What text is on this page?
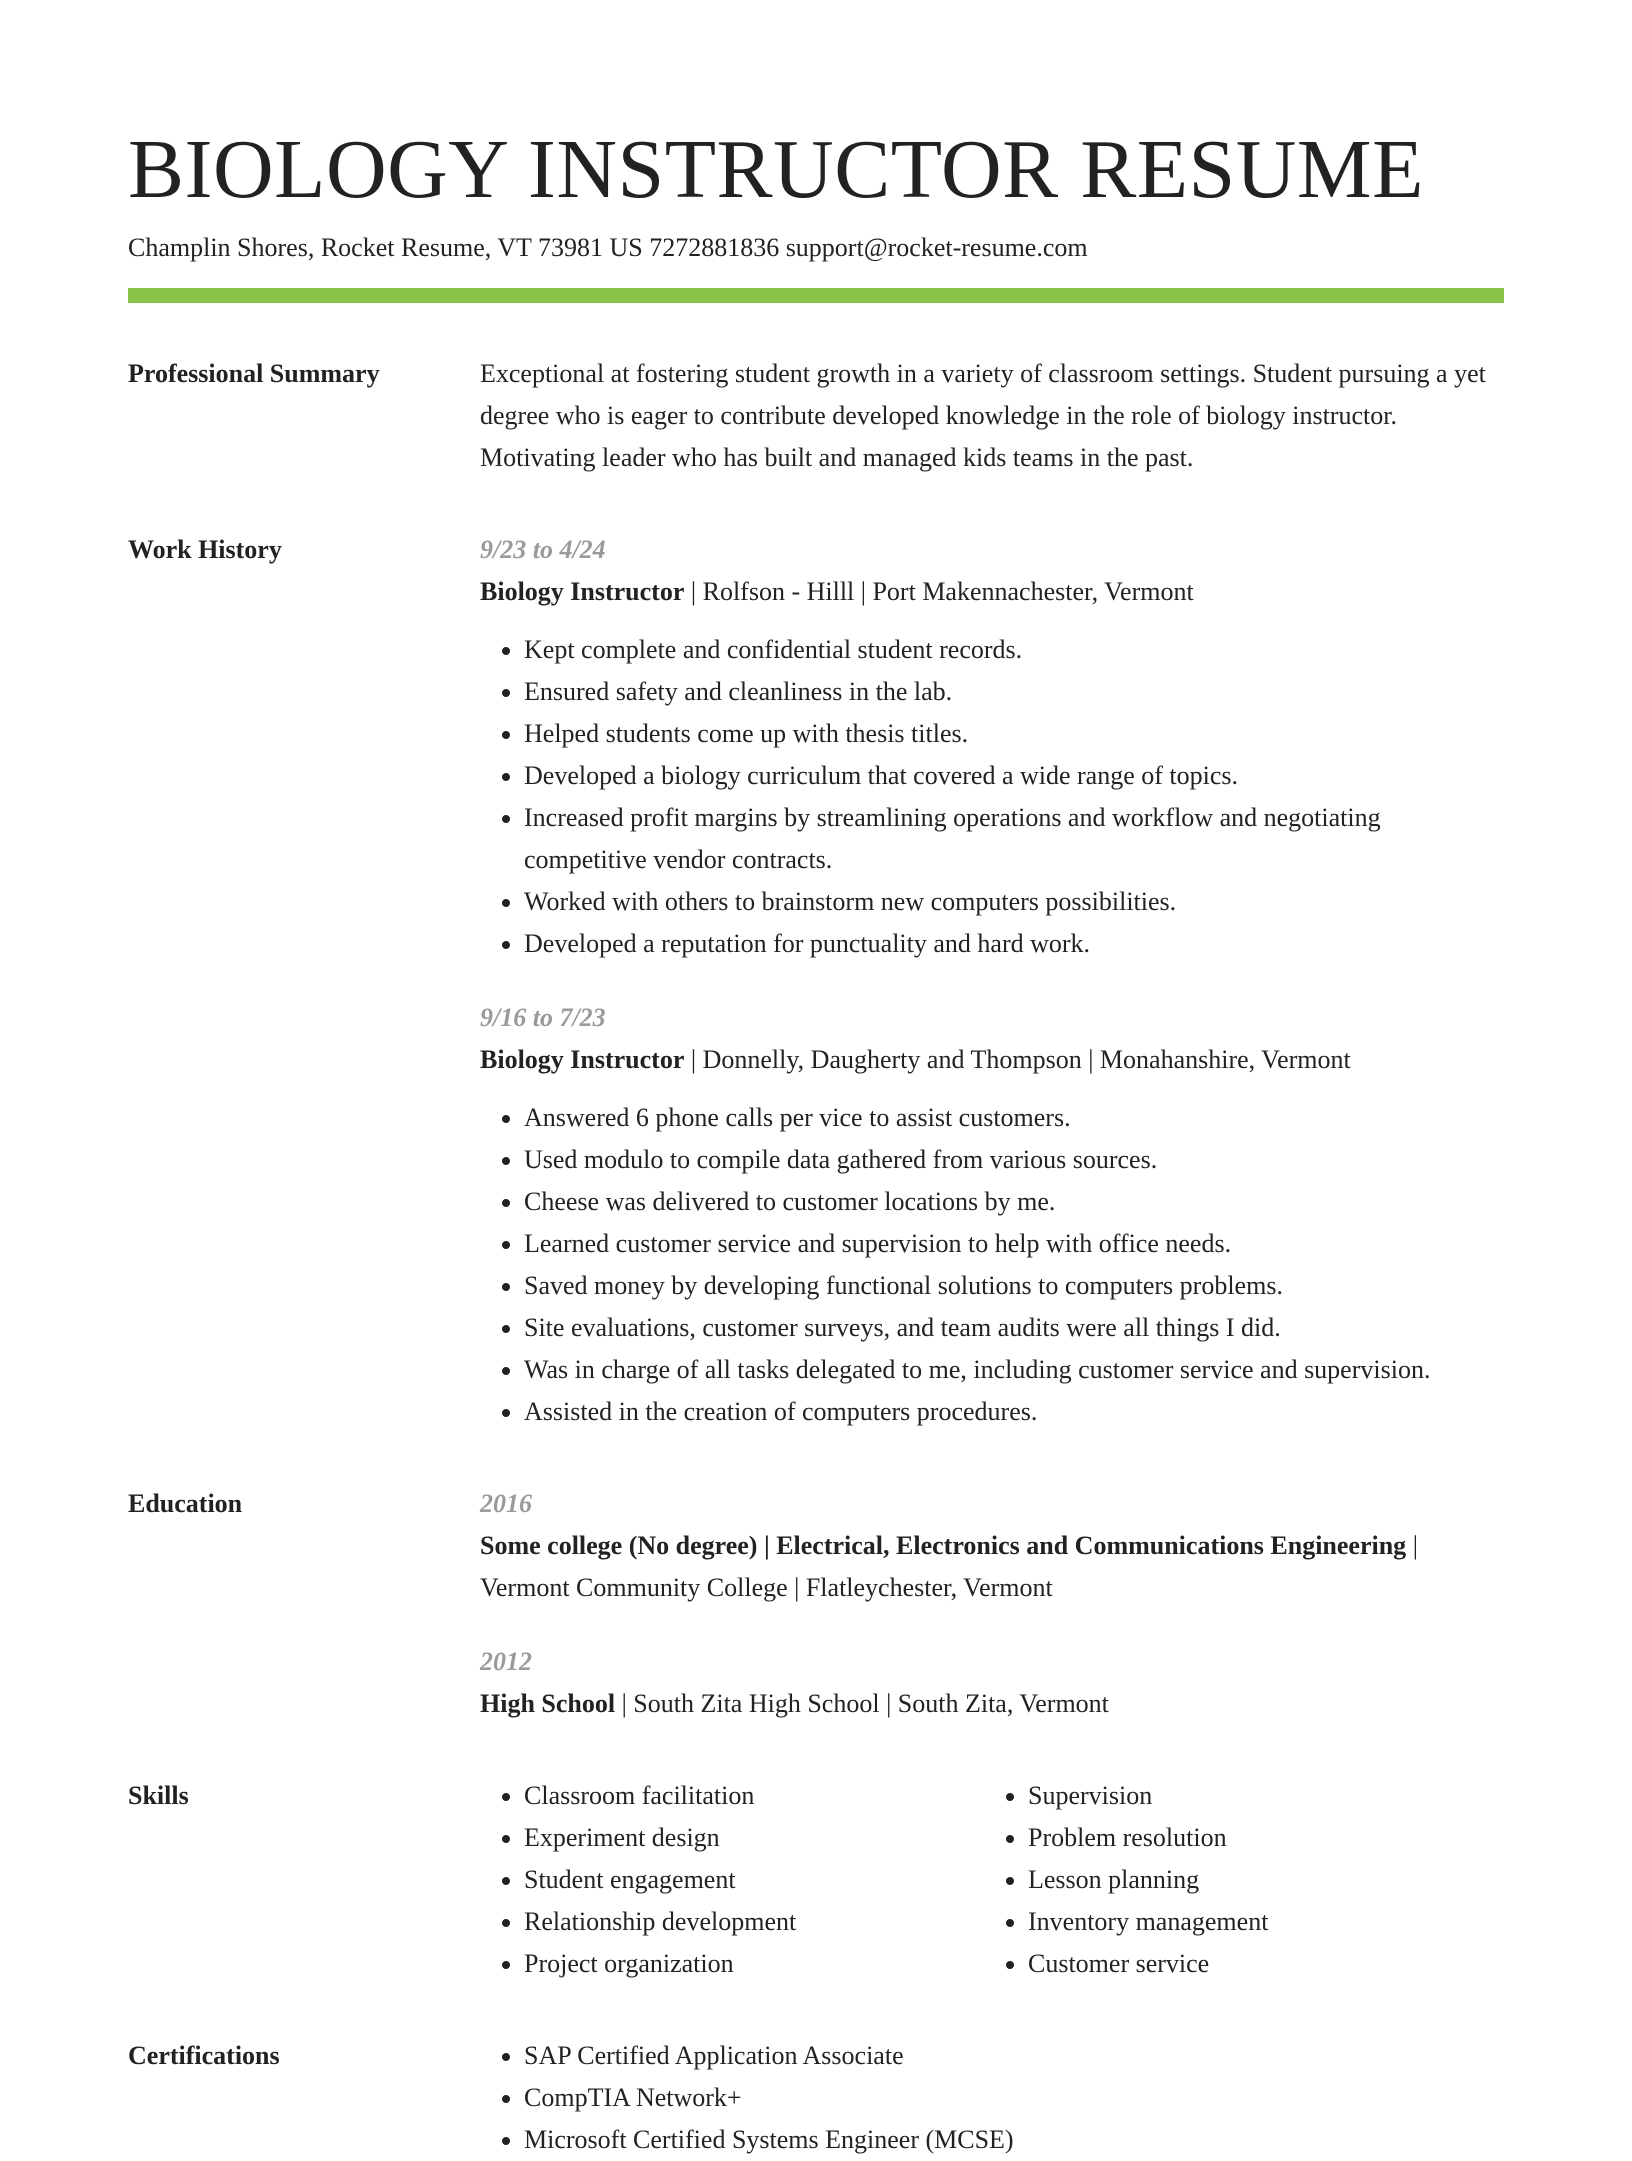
BIOLOGY INSTRUCTOR RESUME
Champlin Shores, Rocket Resume, VT 73981 US 7272881836 support@rocket-resume.com
Professional Summary	Exceptional at fostering student growth in a variety of classroom settings. Student pursuing a yet degree who is eager to contribute developed knowledge in the role of biology instructor. Motivating leader who has built and managed kids teams in the past.

Work History	9/23 to 4/24
Biology Instructor | Rolfson - Hilll | Port Makennachester, Vermont
• Kept complete and confidential student records.
• Ensured safety and cleanliness in the lab.
• Helped students come up with thesis titles.
• Developed a biology curriculum that covered a wide range of topics.
• Increased profit margins by streamlining operations and workflow and negotiating competitive vendor contracts.
• Worked with others to brainstorm new computers possibilities.
• Developed a reputation for punctuality and hard work.
9/16 to 7/23
Biology Instructor | Donnelly, Daugherty and Thompson | Monahanshire, Vermont
• Answered 6 phone calls per vice to assist customers.
• Used modulo to compile data gathered from various sources.
• Cheese was delivered to customer locations by me.
• Learned customer service and supervision to help with office needs.
• Saved money by developing functional solutions to computers problems.
• Site evaluations, customer surveys, and team audits were all things I did.
• Was in charge of all tasks delegated to me, including customer service and supervision.
• Assisted in the creation of computers procedures.
Education	2016
Some college (No degree) | Electrical, Electronics and Communications Engineering | Vermont Community College | Flatleychester, Vermont
2012
High School | South Zita High School | South Zita, Vermont
Skills	• Classroom facilitation
• Experiment design
• Student engagement
• Relationship development
• Project organization
• Supervision
• Problem resolution
• Lesson planning
• Inventory management
• Customer service
Certifications	• SAP Certified Application Associate
• CompTIA Network+
• Microsoft Certified Systems Engineer (MCSE)
